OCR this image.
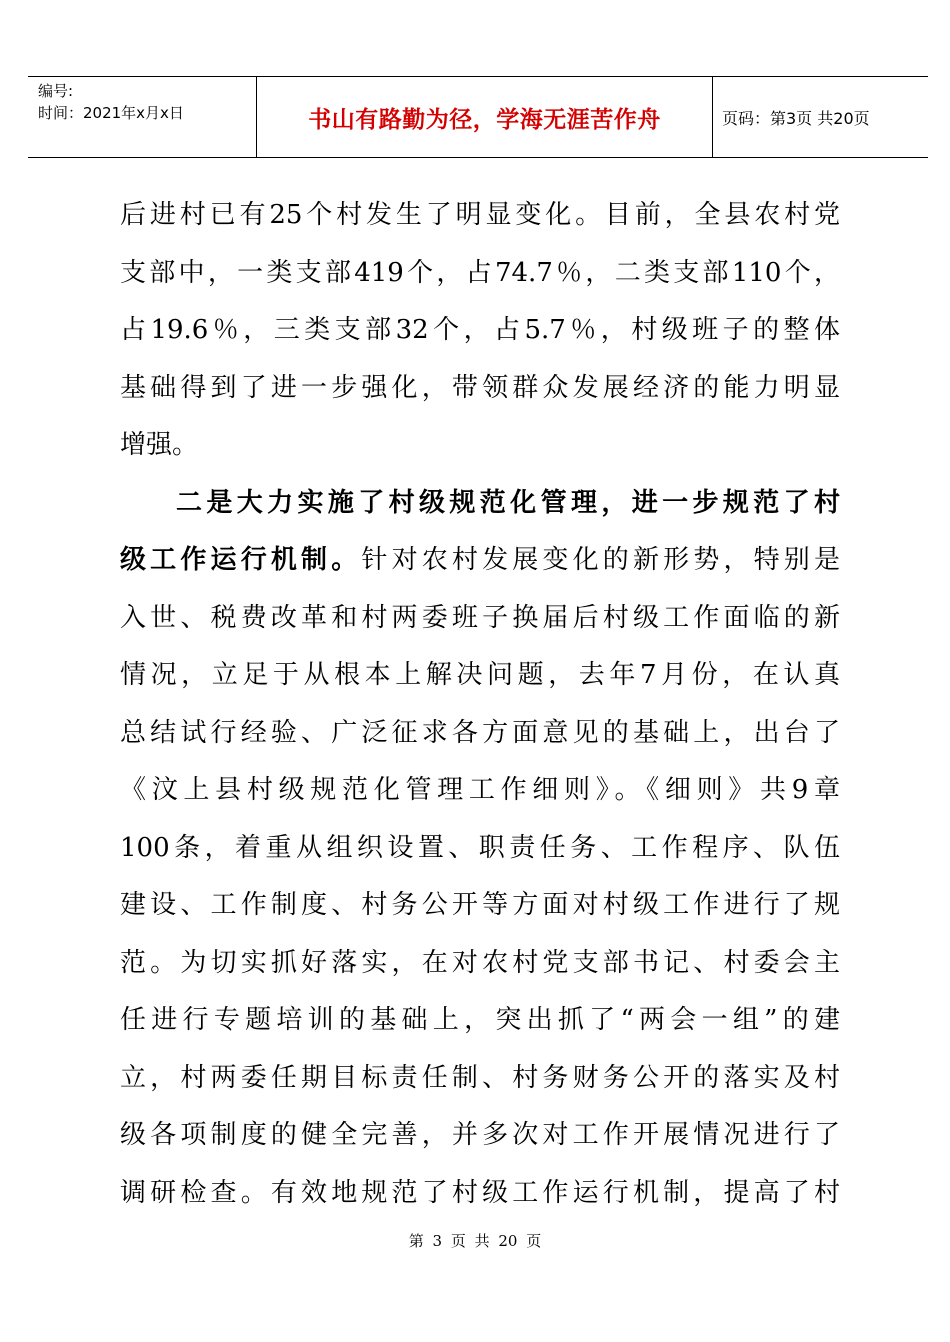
编号:
时间：2021年x月x日	书山有路勤为径，学海无涯苦作舟	页码：第3页 共20页
后进村已有25个村发生了明显变化。目前，全县农村党
支部中，一类支部419个，占74.7％，二类支部110个，
占19.6％，三类支部32个，占5.7％，村级班子的整体
基础得到了进一步强化，带领群众发展经济的能力明显
增强。
二是大力实施了村级规范化管理，进一步规范了村
级工作运行机制。针对农村发展变化的新形势，特别是
入世、税费改革和村两委班子换届后村级工作面临的新
情况，立足于从根本上解决问题，去年7月份，在认真
总结试行经验、广泛征求各方面意见的基础上，出台了
《汶上县村级规范化管理工作细则》。《细则》共9章
100条，着重从组织设置、职责任务、工作程序、队伍
建设、工作制度、村务公开等方面对村级工作进行了规
范。为切实抓好落实，在对农村党支部书记、村委会主
任进行专题培训的基础上，突出抓了“两会一组”的建
立，村两委任期目标责任制、村务财务公开的落实及村
级各项制度的健全完善，并多次对工作开展情况进行了
调研检查。有效地规范了村级工作运行机制，提高了村
第 3 页 共 20 页
